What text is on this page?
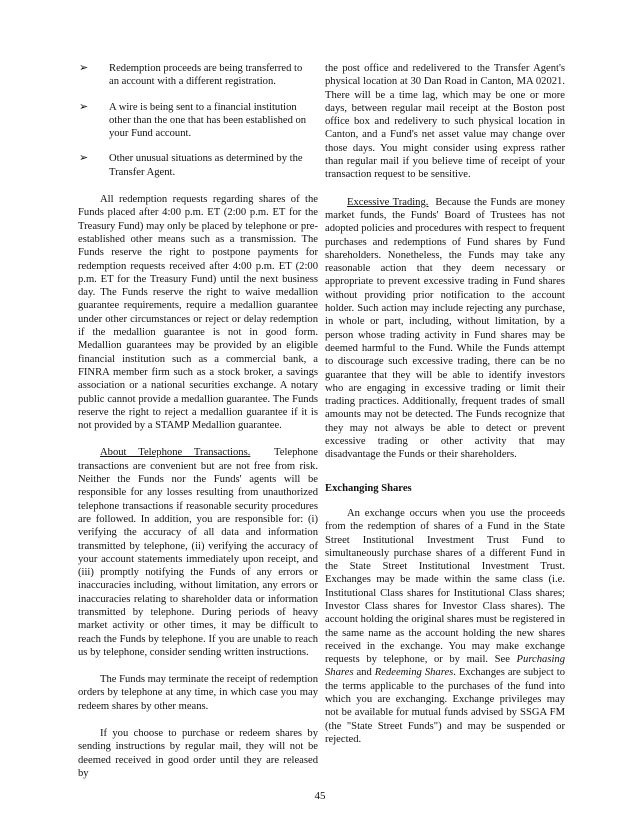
➢	Redemption proceeds are being transferred to an account with a different registration.
➢	A wire is being sent to a financial institution other than the one that has been established on your Fund account.
➢	Other unusual situations as determined by the Transfer Agent.

All redemption requests regarding shares of the Funds placed after 4:00 p.m. ET (2:00 p.m. ET for the Treasury Fund) may only be placed by telephone or pre-established other means such as a transmission. The Funds reserve the right to postpone payments for redemption requests received after 4:00 p.m. ET (2:00 p.m. ET for the Treasury Fund) until the next business day. The Funds reserve the right to waive medallion guarantee requirements, require a medallion guarantee under other circumstances or reject or delay redemption if the medallion guarantee is not in good form. Medallion guarantees may be provided by an eligible financial institution such as a commercial bank, a FINRA member firm such as a stock broker, a savings association or a national securities exchange. A notary public cannot provide a medallion guarantee. The Funds reserve the right to reject a medallion guarantee if it is not provided by a STAMP Medallion guarantee.

About Telephone Transactions. Telephone transactions are convenient but are not free from risk. Neither the Funds nor the Funds' agents will be responsible for any losses resulting from unauthorized telephone transactions if reasonable security procedures are followed. In addition, you are responsible for: (i) verifying the accuracy of all data and information transmitted by telephone, (ii) verifying the accuracy of your account statements immediately upon receipt, and (iii) promptly notifying the Funds of any errors or inaccuracies including, without limitation, any errors or inaccuracies relating to shareholder data or information transmitted by telephone. During periods of heavy market activity or other times, it may be difficult to reach the Funds by telephone. If you are unable to reach us by telephone, consider sending written instructions.

The Funds may terminate the receipt of redemption orders by telephone at any time, in which case you may redeem shares by other means.

If you choose to purchase or redeem shares by sending instructions by regular mail, they will not be deemed received in good order until they are released by

the post office and redelivered to the Transfer Agent's physical location at 30 Dan Road in Canton, MA 02021. There will be a time lag, which may be one or more days, between regular mail receipt at the Boston post office box and redelivery to such physical location in Canton, and a Fund's net asset value may change over those days. You might consider using express rather than regular mail if you believe time of receipt of your transaction request to be sensitive.

Excessive Trading. Because the Funds are money market funds, the Funds' Board of Trustees has not adopted policies and procedures with respect to frequent purchases and redemptions of Fund shares by Fund shareholders. Nonetheless, the Funds may take any reasonable action that they deem necessary or appropriate to prevent excessive trading in Fund shares without providing prior notification to the account holder. Such action may include rejecting any purchase, in whole or part, including, without limitation, by a person whose trading activity in Fund shares may be deemed harmful to the Fund. While the Funds attempt to discourage such excessive trading, there can be no guarantee that they will be able to identify investors who are engaging in excessive trading or limit their trading practices. Additionally, frequent trades of small amounts may not be detected. The Funds recognize that they may not always be able to detect or prevent excessive trading or other activity that may disadvantage the Funds or their shareholders.

Exchanging Shares

An exchange occurs when you use the proceeds from the redemption of shares of a Fund in the State Street Institutional Investment Trust Fund to simultaneously purchase shares of a different Fund in the State Street Institutional Investment Trust. Exchanges may be made within the same class (i.e. Institutional Class shares for Institutional Class shares; Investor Class shares for Investor Class shares). The account holding the original shares must be registered in the same name as the account holding the new shares received in the exchange. You may make exchange requests by telephone, or by mail. See Purchasing Shares and Redeeming Shares. Exchanges are subject to the terms applicable to the purchases of the fund into which you are exchanging. Exchange privileges may not be available for mutual funds advised by SSGA FM (the "State Street Funds") and may be suspended or rejected.

45
